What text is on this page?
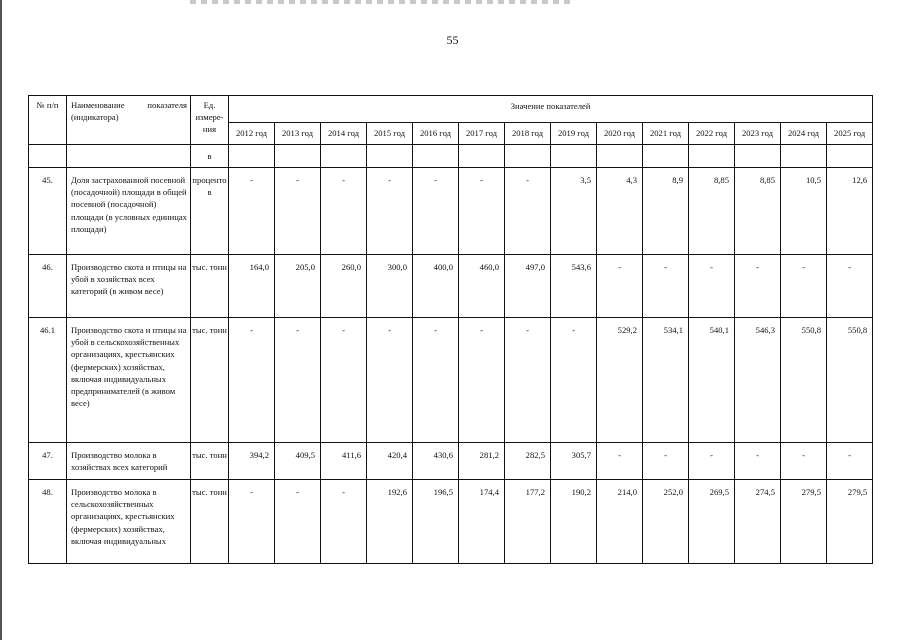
55
№ п/п	Наименование показателя (индикатора)	Ед. измере-ния	Значение показателей													
			2012 год	2013 год	2014 год	2015 год	2016 год	2017 год	2018 год	2019 год	2020 год	2021 год	2022 год	2023 год	2024 год	2025 год
		в														
45.	Доля застрахованной посевной (посадочной) площади в общей посевной (посадочной) площади (в условных единицах площади)	процентов	-	-	-	-	-	-	-	3,5	4,3	8,9	8,85	8,85	10,5	12,6
46.	Производство скота и птицы на убой в хозяйствах всех категорий (в живом весе)	тыс. тонн	164,0	205,0	260,0	300,0	400,0	460,0	497,0	543,6	-	-	-	-	-	-
46.1	Производство скота и птицы на убой в сельскохозяйственных организациях, крестьянских (фермерских) хозяйствах, включая индивидуальных предпринимателей (в живом весе)	тыс. тонн	-	-	-	-	-	-	-	-	529,2	534,1	540,1	546,3	550,8	550,8
47.	Производство молока в хозяйствах всех категорий	тыс. тонн	394,2	409,5	411,6	420,4	430,6	281,2	282,5	305,7	-	-	-	-	-	-
48.	Производство молока в сельскохозяйственных организациях, крестьянских (фермерских) хозяйствах, включая индивидуальных	тыс. тонн	-	-	-	192,6	196,5	174,4	177,2	190,2	214,0	252,0	269,5	274,5	279,5	279,5
